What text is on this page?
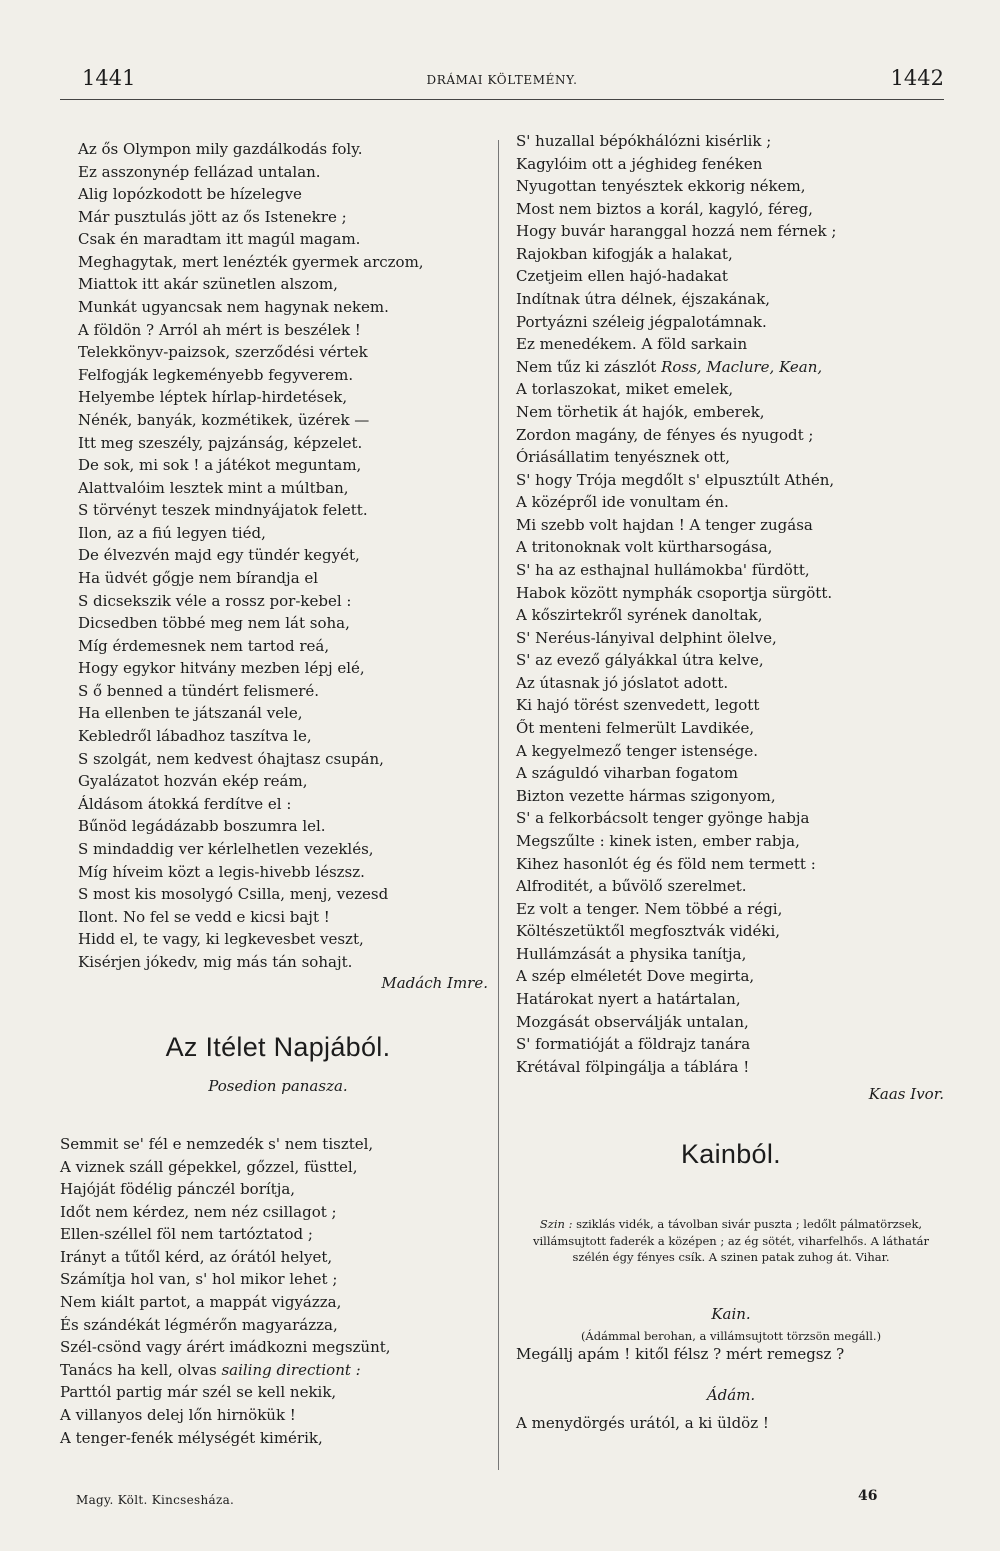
1441	DRÁMAI KÖLTEMÉNY.	1442
Az ős Olympon mily gazdálkodás foly.
Ez asszonynép fellázad untalan.
Alig lopózkodott be hízelegve
Már pusztulás jött az ős Istenekre ;
Csak én maradtam itt magúl magam.
Meghagytak, mert lenézték gyermek arczom,
Miattok itt akár szünetlen alszom,
Munkát ugyancsak nem hagynak nekem.
A földön ? Arról ah mért is beszélek !
Telekkönyv-paizsok, szerződési vértek
Felfogják legkeményebb fegyverem.
Helyembe léptek hírlap-hirdetések,
Nénék, banyák, kozmétikek, üzérek —
Itt meg szeszély, pajzánság, képzelet.
De sok, mi sok ! a játékot meguntam,
Alattvalóim lesztek mint a múltban,
S törvényt teszek mindnyájatok felett.
Ilon, az a fiú legyen tiéd,
De élvezvén majd egy tündér kegyét,
Ha üdvét gőgje nem bírandja el
S dicsekszik véle a rossz por-kebel :
Dicsedben többé meg nem lát soha,
Míg érdemesnek nem tartod reá,
Hogy egykor hitvány mezben lépj elé,
S ő benned a tündért felismeré.
Ha ellenben te játszanál vele,
Kebledről lábadhoz taszítva le,
S szolgát, nem kedvest óhajtasz csupán,
Gyalázatot hozván ekép reám,
Áldásom átokká ferdítve el :
Bűnöd legádázabb boszumra lel.
S mindaddig ver kérlelhetlen vezeklés,
Míg híveim közt a legis-hivebb lészsz.
S most kis mosolygó Csilla, menj, vezesd
Ilont. No fel se vedd e kicsi bajt !
Hidd el, te vagy, ki legkevesbet veszt,
Kisérjen jókedv, mig más tán sohajt.
Madách Imre.
Az Itélet Napjából.
Posedion panasza.
Semmit se' fél e nemzedék s' nem tisztel,
A viznek száll gépekkel, gőzzel, füsttel,
Hajóját födélig pánczél borítja,
Időt nem kérdez, nem néz csillagot ;
Ellen-széllel föl nem tartóztatod ;
Irányt a tűtől kérd, az órától helyet,
Számítja hol van, s' hol mikor lehet ;
Nem kiált partot, a mappát vigyázza,
És szándékát légmérőn magyarázza,
Szél-csönd vagy árért imádkozni megszünt,
Tanács ha kell, olvas sailing directiont :
Parttól partig már szél se kell nekik,
A villanyos delej lőn hirnökük !
A tenger-fenék mélységét kimérik,
S' huzallal bépókhálózni kisérlik ;
Kagylóim ott a jéghideg fenéken
Nyugottan tenyésztek ekkorig nékem,
Most nem biztos a korál, kagyló, féreg,
Hogy buvár haranggal hozzá nem férnek ;
Rajokban kifogják a halakat,
Czetjeim ellen hajó-hadakat
Indítnak útra délnek, éjszakának,
Portyázni széleig jégpalotámnak.
Ez menedékem. A föld sarkain
Nem tűz ki zászlót Ross, Maclure, Kean,
A torlaszokat, miket emelek,
Nem törhetik át hajók, emberek,
Zordon magány, de fényes és nyugodt ;
Óriásállatim tenyésznek ott,
S' hogy Trója megdőlt s' elpusztúlt Athén,
A középről ide vonultam én.
Mi szebb volt hajdan ! A tenger zugása
A tritonoknak volt kürtharsogása,
S' ha az esthajnal hullámokba' fürdött,
Habok között nymphák csoportja sürgött.
A kőszirtekről syrének danoltak,
S' Neréus-lányival delphint ölelve,
S' az evező gályákkal útra kelve,
Az útasnak jó jóslatot adott.
Ki hajó törést szenvedett, legott
Őt menteni felmerült Lavdikée,
A kegyelmező tenger istensége.
A száguldó viharban fogatom
Bizton vezette hármas szigonyom,
S' a felkorbácsolt tenger gyönge habja
Megszűlte : kinek isten, ember rabja,
Kihez hasonlót ég és föld nem termett :
Alfroditét, a bűvölő szerelmet.
Ez volt a tenger. Nem többé a régi,
Költészetüktől megfosztvák vidéki,
Hullámzását a physika tanítja,
A szép elméletét Dove megirta,
Határokat nyert a határtalan,
Mozgását observálják untalan,
S' formatióját a földrajz tanára
Krétával fölpingálja a táblára !
Kaas Ivor.
Kainból.
Szin : sziklás vidék, a távolban sivár puszta ; ledőlt pálmatörzsek, villámsujtott faderék a középen ; az ég sötét, viharfelhős. A láthatár szélén égy fényes csík. A szinen patak zuhog át. Vihar.
Kain.
(Ádámmal berohan, a villámsujtott törzsön megáll.)
Megállj apám ! kitől félsz ? mért remegsz ?
Ádám.
A menydörgés urától, a ki üldöz !
Magy. Költ. Kincsesháza.	46
